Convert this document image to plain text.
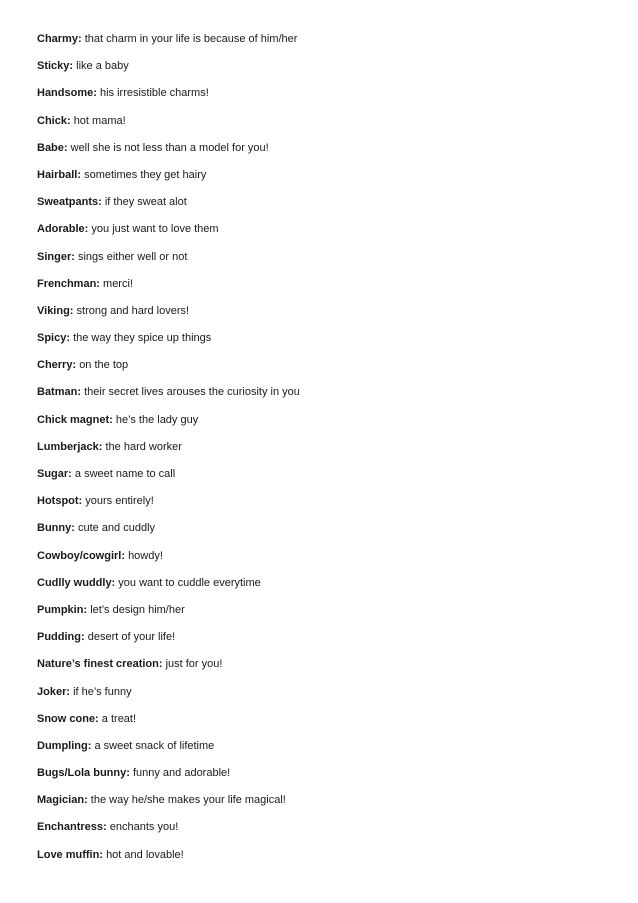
Charmy: that charm in your life is because of him/her
Sticky: like a baby
Handsome: his irresistible charms!
Chick: hot mama!
Babe: well she is not less than a model for you!
Hairball: sometimes they get hairy
Sweatpants: if they sweat alot
Adorable: you just want to love them
Singer: sings either well or not
Frenchman: merci!
Viking: strong and hard lovers!
Spicy: the way they spice up things
Cherry: on the top
Batman: their secret lives arouses the curiosity in you
Chick magnet: he’s the lady guy
Lumberjack: the hard worker
Sugar: a sweet name to call
Hotspot: yours entirely!
Bunny: cute and cuddly
Cowboy/cowgirl: howdy!
Cudlly wuddly: you want to cuddle everytime
Pumpkin: let’s design him/her
Pudding: desert of your life!
Nature’s finest creation: just for you!
Joker: if he’s funny
Snow cone: a treat!
Dumpling: a sweet snack of lifetime
Bugs/Lola bunny: funny and adorable!
Magician: the way he/she makes your life magical!
Enchantress: enchants you!
Love muffin: hot and lovable!
